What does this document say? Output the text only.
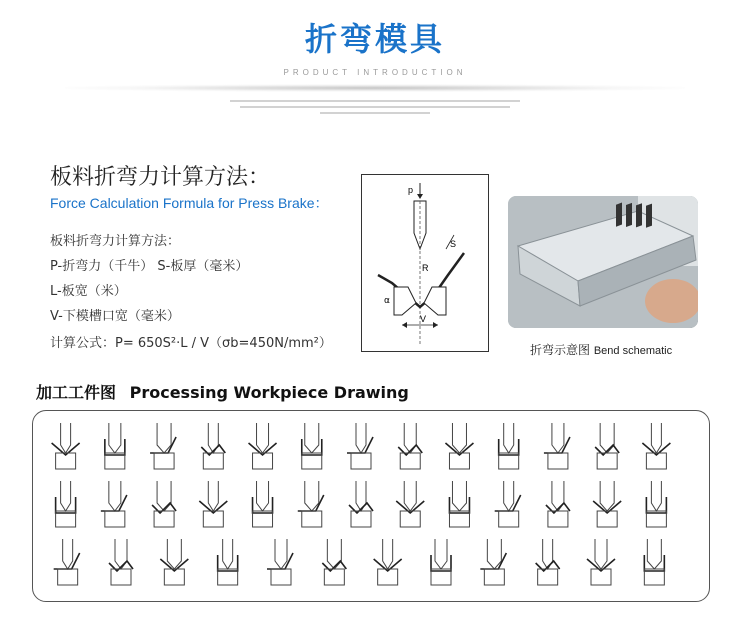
折弯模具
PRODUCT INTRODUCTION
板料折弯力计算方法：
Force Calculation Formula for Press Brake：
板料折弯力计算方法：
P-折弯力（千牛） S-板厚（毫米）
L-板宽（米）
V-下模槽口宽（毫米）
计算公式：P= 650S²·L / V（σb=450N/mm²）
p
R
S
α
V
折弯示意图 Bend schematic
加工工件图 Processing Workpiece Drawing
